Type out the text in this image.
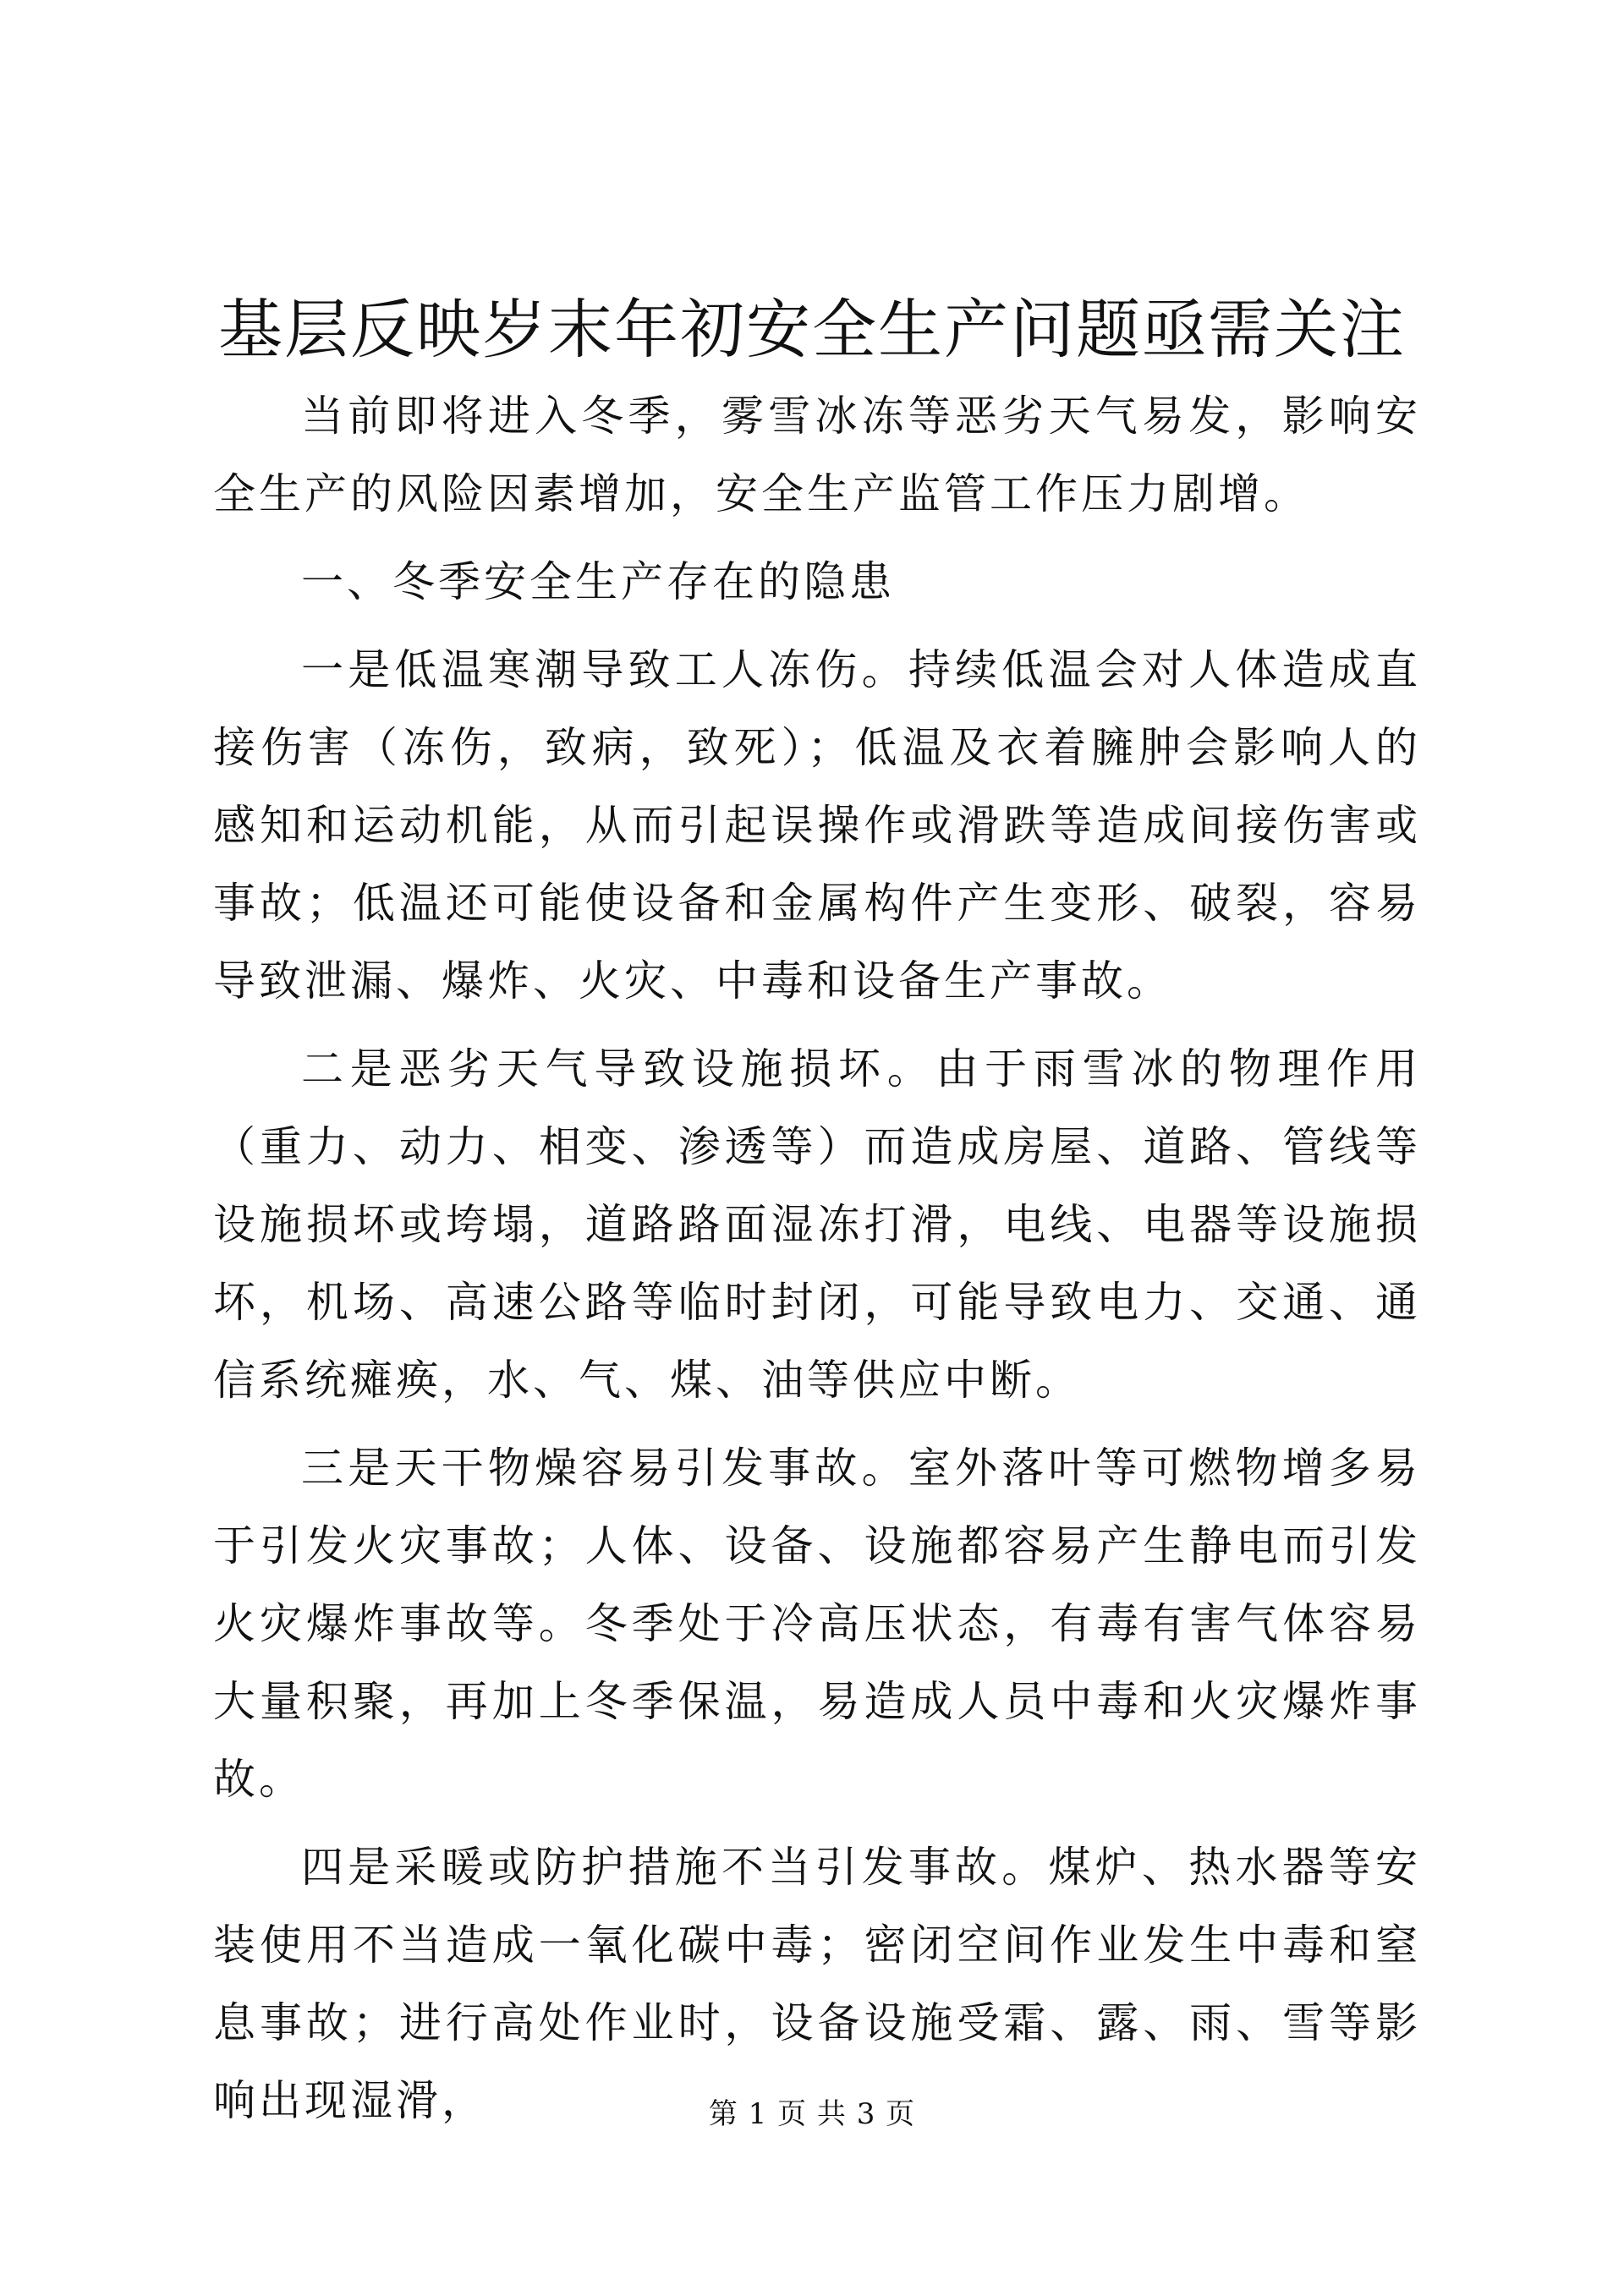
基层反映岁末年初安全生产问题亟需关注

当前即将进入冬季，雾雪冰冻等恶劣天气易发，影响安全生产的风险因素增加，安全生产监管工作压力剧增。

一、冬季安全生产存在的隐患

一是低温寒潮导致工人冻伤。持续低温会对人体造成直接伤害（冻伤，致病，致死）；低温及衣着臃肿会影响人的感知和运动机能，从而引起误操作或滑跌等造成间接伤害或事故；低温还可能使设备和金属构件产生变形、破裂，容易导致泄漏、爆炸、火灾、中毒和设备生产事故。

二是恶劣天气导致设施损坏。由于雨雪冰的物理作用（重力、动力、相变、渗透等）而造成房屋、道路、管线等设施损坏或垮塌，道路路面湿冻打滑，电线、电器等设施损坏，机场、高速公路等临时封闭，可能导致电力、交通、通信系统瘫痪，水、气、煤、油等供应中断。

三是天干物燥容易引发事故。室外落叶等可燃物增多易于引发火灾事故；人体、设备、设施都容易产生静电而引发火灾爆炸事故等。冬季处于冷高压状态，有毒有害气体容易大量积聚，再加上冬季保温，易造成人员中毒和火灾爆炸事故。

四是采暖或防护措施不当引发事故。煤炉、热水器等安装使用不当造成一氧化碳中毒；密闭空间作业发生中毒和窒息事故；进行高处作业时，设备设施受霜、露、雨、雪等影响出现湿滑，	第 1 页 共 3 页
